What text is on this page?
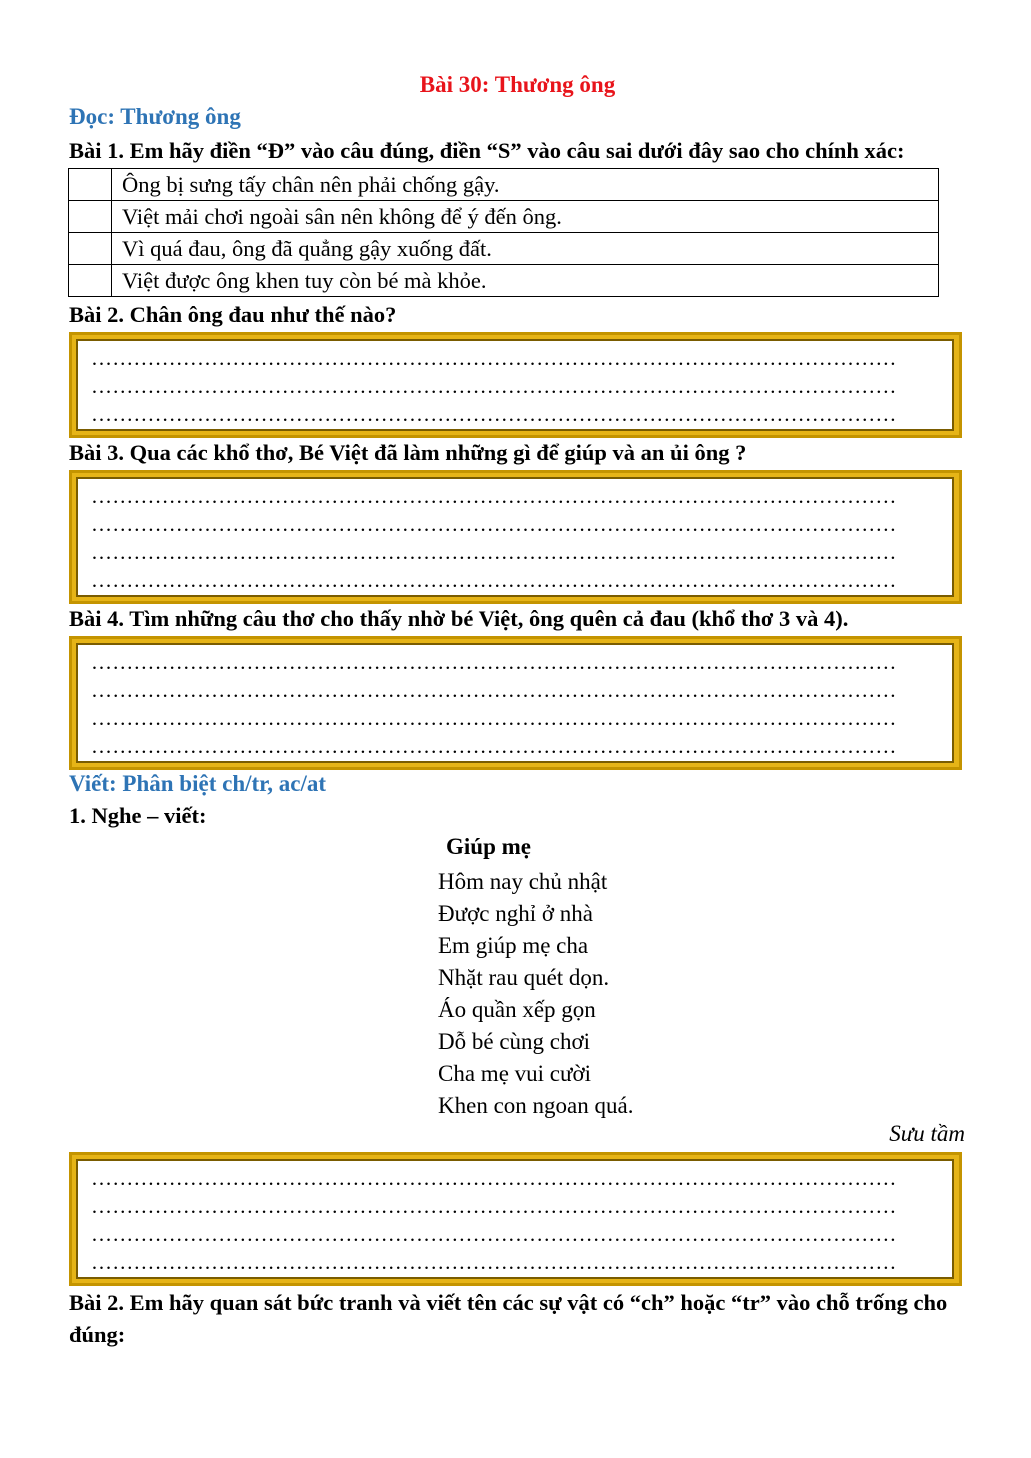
Bài 30: Thương ông
Đọc: Thương ông
Bài 1. Em hãy điền “Đ” vào câu đúng, điền “S” vào câu sai dưới đây sao cho chính xác:
	Ông bị sưng tấy chân nên phải chống gậy.
	Việt mải chơi ngoài sân nên không để ý đến ông.
	Vì quá đau, ông đã quẳng gậy xuống đất.
	Việt được ông khen tuy còn bé mà khỏe.
Bài 2. Chân ông đau như thế nào?
……………………………………………………………………………………………………
……………………………………………………………………………………………………
……………………………………………………………………………………………………
Bài 3. Qua các khổ thơ, Bé Việt đã làm những gì để giúp và an ủi ông ?
……………………………………………………………………………………………………
……………………………………………………………………………………………………
……………………………………………………………………………………………………
……………………………………………………………………………………………………
Bài 4. Tìm những câu thơ cho thấy nhờ bé Việt, ông quên cả đau (khổ thơ 3 và 4).
……………………………………………………………………………………………………
……………………………………………………………………………………………………
……………………………………………………………………………………………………
……………………………………………………………………………………………………
Viết: Phân biệt ch/tr, ac/at
1. Nghe – viết:
Giúp mẹ
Hôm nay chủ nhật
Được nghỉ ở nhà
Em giúp mẹ cha
Nhặt rau quét dọn.
Áo quần xếp gọn
Dỗ bé cùng chơi
Cha mẹ vui cười
Khen con ngoan quá.
Sưu tầm
……………………………………………………………………………………………………
……………………………………………………………………………………………………
……………………………………………………………………………………………………
……………………………………………………………………………………………………
Bài 2. Em hãy quan sát bức tranh và viết tên các sự vật có “ch” hoặc “tr” vào chỗ trống cho đúng:
